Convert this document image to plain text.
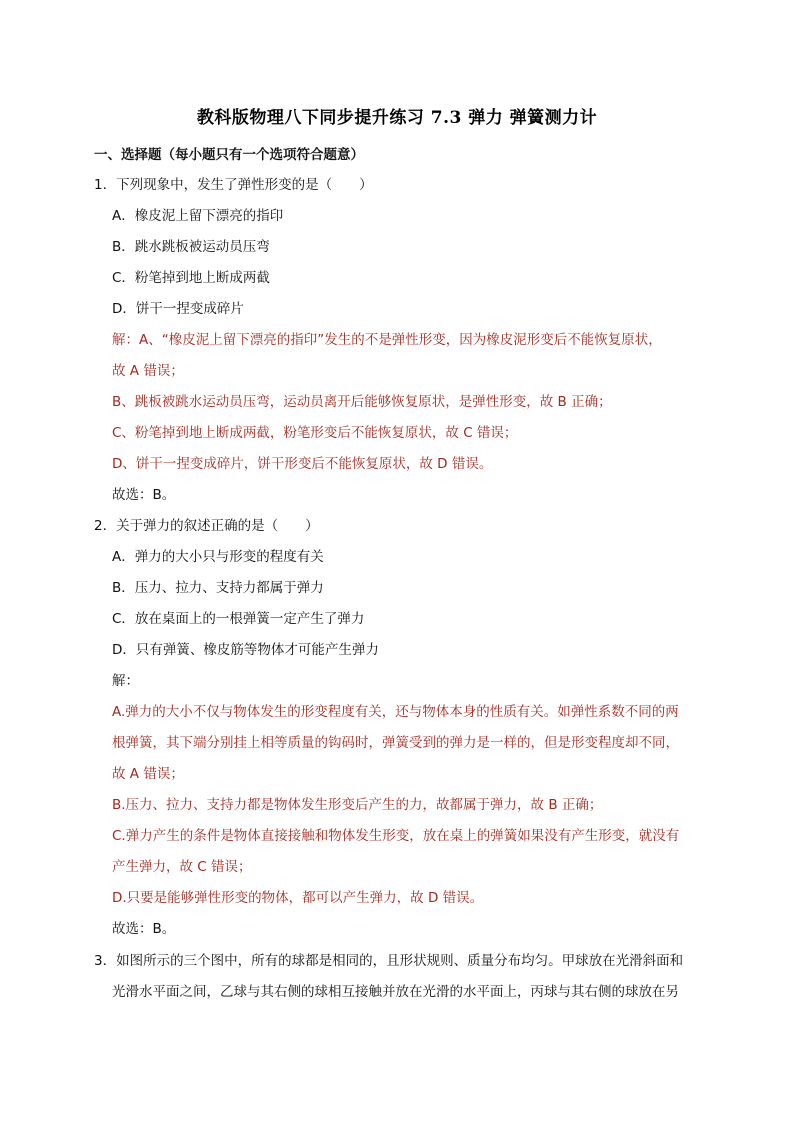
教科版物理八下同步提升练习 7.3 弹力 弹簧测力计
一、选择题（每小题只有一个选项符合题意）
1．下列现象中，发生了弹性形变的是（　　）
A．橡皮泥上留下漂亮的指印
B．跳水跳板被运动员压弯
C．粉笔掉到地上断成两截
D．饼干一捏变成碎片
解：A、“橡皮泥上留下漂亮的指印”发生的不是弹性形变，因为橡皮泥形变后不能恢复原状，
故 A 错误；
B、跳板被跳水运动员压弯，运动员离开后能够恢复原状，是弹性形变，故 B 正确；
C、粉笔掉到地上断成两截，粉笔形变后不能恢复原状，故 C 错误；
D、饼干一捏变成碎片，饼干形变后不能恢复原状，故 D 错误。
故选：B。
2．关于弹力的叙述正确的是（　　）
A．弹力的大小只与形变的程度有关
B．压力、拉力、支持力都属于弹力
C．放在桌面上的一根弹簧一定产生了弹力
D．只有弹簧、橡皮筋等物体才可能产生弹力
解：
A.弹力的大小不仅与物体发生的形变程度有关，还与物体本身的性质有关。如弹性系数不同的两
根弹簧，其下端分别挂上相等质量的钩码时，弹簧受到的弹力是一样的，但是形变程度却不同，
故 A 错误；
B.压力、拉力、支持力都是物体发生形变后产生的力，故都属于弹力，故 B 正确；
C.弹力产生的条件是物体直接接触和物体发生形变，放在桌上的弹簧如果没有产生形变，就没有
产生弹力，故 C 错误；
D.只要是能够弹性形变的物体，都可以产生弹力，故 D 错误。
故选：B。
3．如图所示的三个图中，所有的球都是相同的，且形状规则、质量分布均匀。甲球放在光滑斜面和
光滑水平面之间，乙球与其右侧的球相互接触并放在光滑的水平面上，丙球与其右侧的球放在另
